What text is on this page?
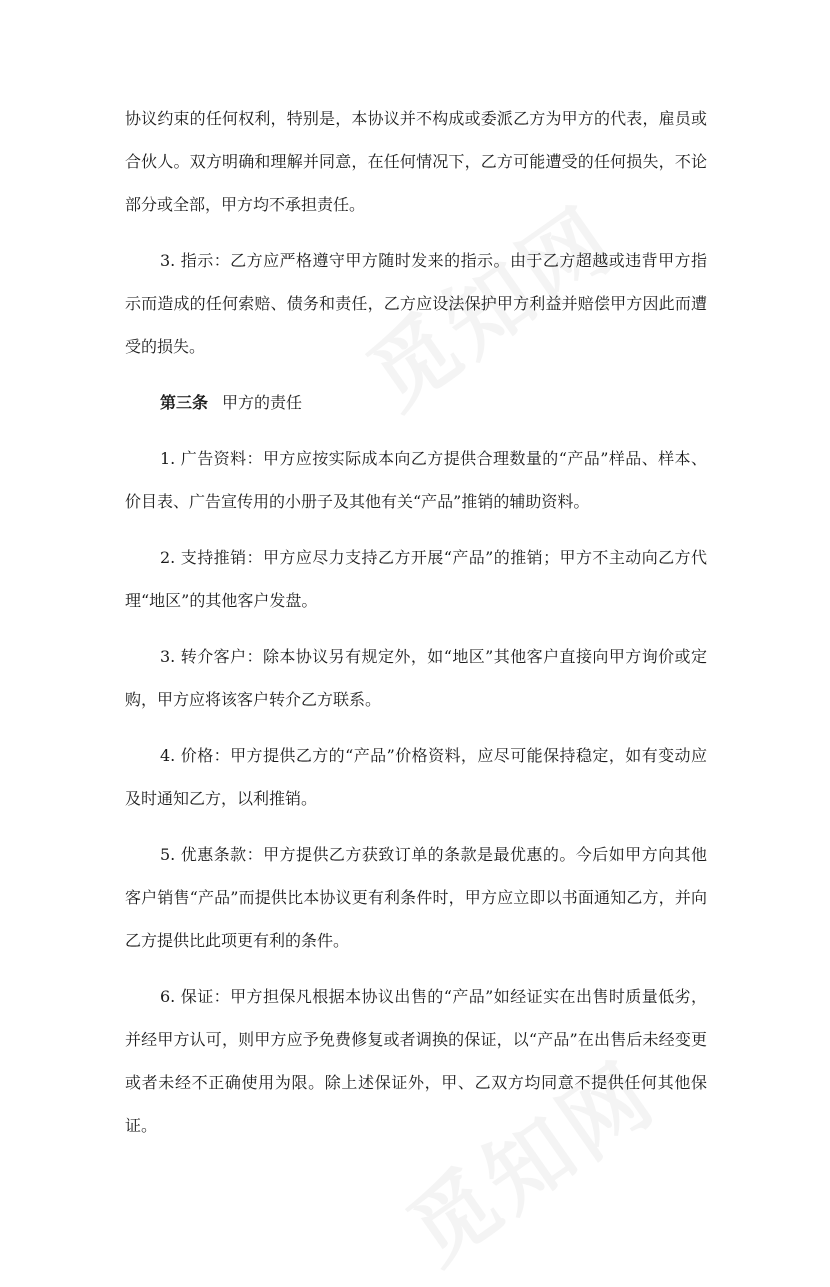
协议约束的任何权利，特别是，本协议并不构成或委派乙方为甲方的代表，雇员或合伙人。双方明确和理解并同意，在任何情况下，乙方可能遭受的任何损失，不论部分或全部，甲方均不承担责任。

3. 指示：乙方应严格遵守甲方随时发来的指示。由于乙方超越或违背甲方指示而造成的任何索赔、债务和责任，乙方应设法保护甲方利益并赔偿甲方因此而遭受的损失。

第三条 甲方的责任

1. 广告资料：甲方应按实际成本向乙方提供合理数量的“产品”样品、样本、价目表、广告宣传用的小册子及其他有关“产品”推销的辅助资料。

2. 支持推销：甲方应尽力支持乙方开展“产品”的推销；甲方不主动向乙方代理“地区”的其他客户发盘。

3. 转介客户：除本协议另有规定外，如“地区”其他客户直接向甲方询价或定购，甲方应将该客户转介乙方联系。

4. 价格：甲方提供乙方的“产品”价格资料，应尽可能保持稳定，如有变动应及时通知乙方，以利推销。

5. 优惠条款：甲方提供乙方获致订单的条款是最优惠的。今后如甲方向其他客户销售“产品”而提供比本协议更有利条件时，甲方应立即以书面通知乙方，并向乙方提供比此项更有利的条件。

6. 保证：甲方担保凡根据本协议出售的“产品”如经证实在出售时质量低劣，并经甲方认可，则甲方应予免费修复或者调换的保证，以“产品”在出售后未经变更或者未经不正确使用为限。除上述保证外，甲、乙双方均同意不提供任何其他保证。
